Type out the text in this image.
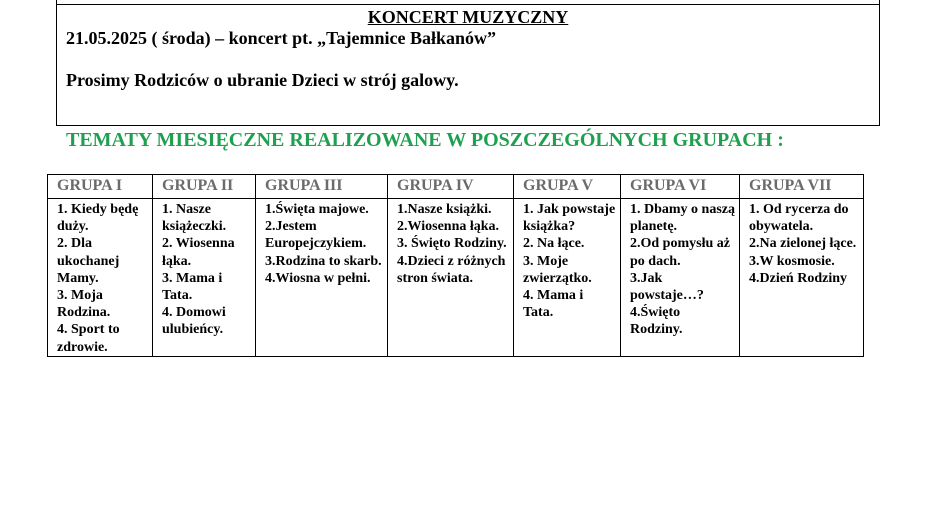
KONCERT MUZYCZNY
21.05.2025 ( środa) – koncert pt. „Tajemnice Bałkanów”
Prosimy Rodziców o ubranie Dzieci w strój galowy.
TEMATY MIESIĘCZNE REALIZOWANE W POSZCZEGÓLNYCH GRUPACH :
GRUPA I	GRUPA II	GRUPA III	GRUPA IV	GRUPA V	GRUPA VI	GRUPA VII

1. Kiedy będę duży.
2. Dla ukochanej Mamy.
3. Moja Rodzina.
4. Sport to zdrowie.	1. Nasze książeczki.
2. Wiosenna łąka.
3. Mama i Tata.
4. Domowi ulubieńcy.	1.Święta majowe.
2.Jestem Europejczykiem.
3.Rodzina to skarb.
4.Wiosna w pełni.	1.Nasze książki.
2.Wiosenna łąka.
3. Święto Rodziny.
4.Dzieci z różnych stron świata.	1. Jak powstaje książka?
2. Na łące.
3. Moje zwierzątko.
4. Mama i Tata.	1. Dbamy o naszą planetę.
2.Od pomysłu aż po dach.
3.Jak powstaje…?
4.Święto Rodziny.	1. Od rycerza do obywatela.
2.Na zielonej łące.
3.W kosmosie.
4.Dzień Rodziny
